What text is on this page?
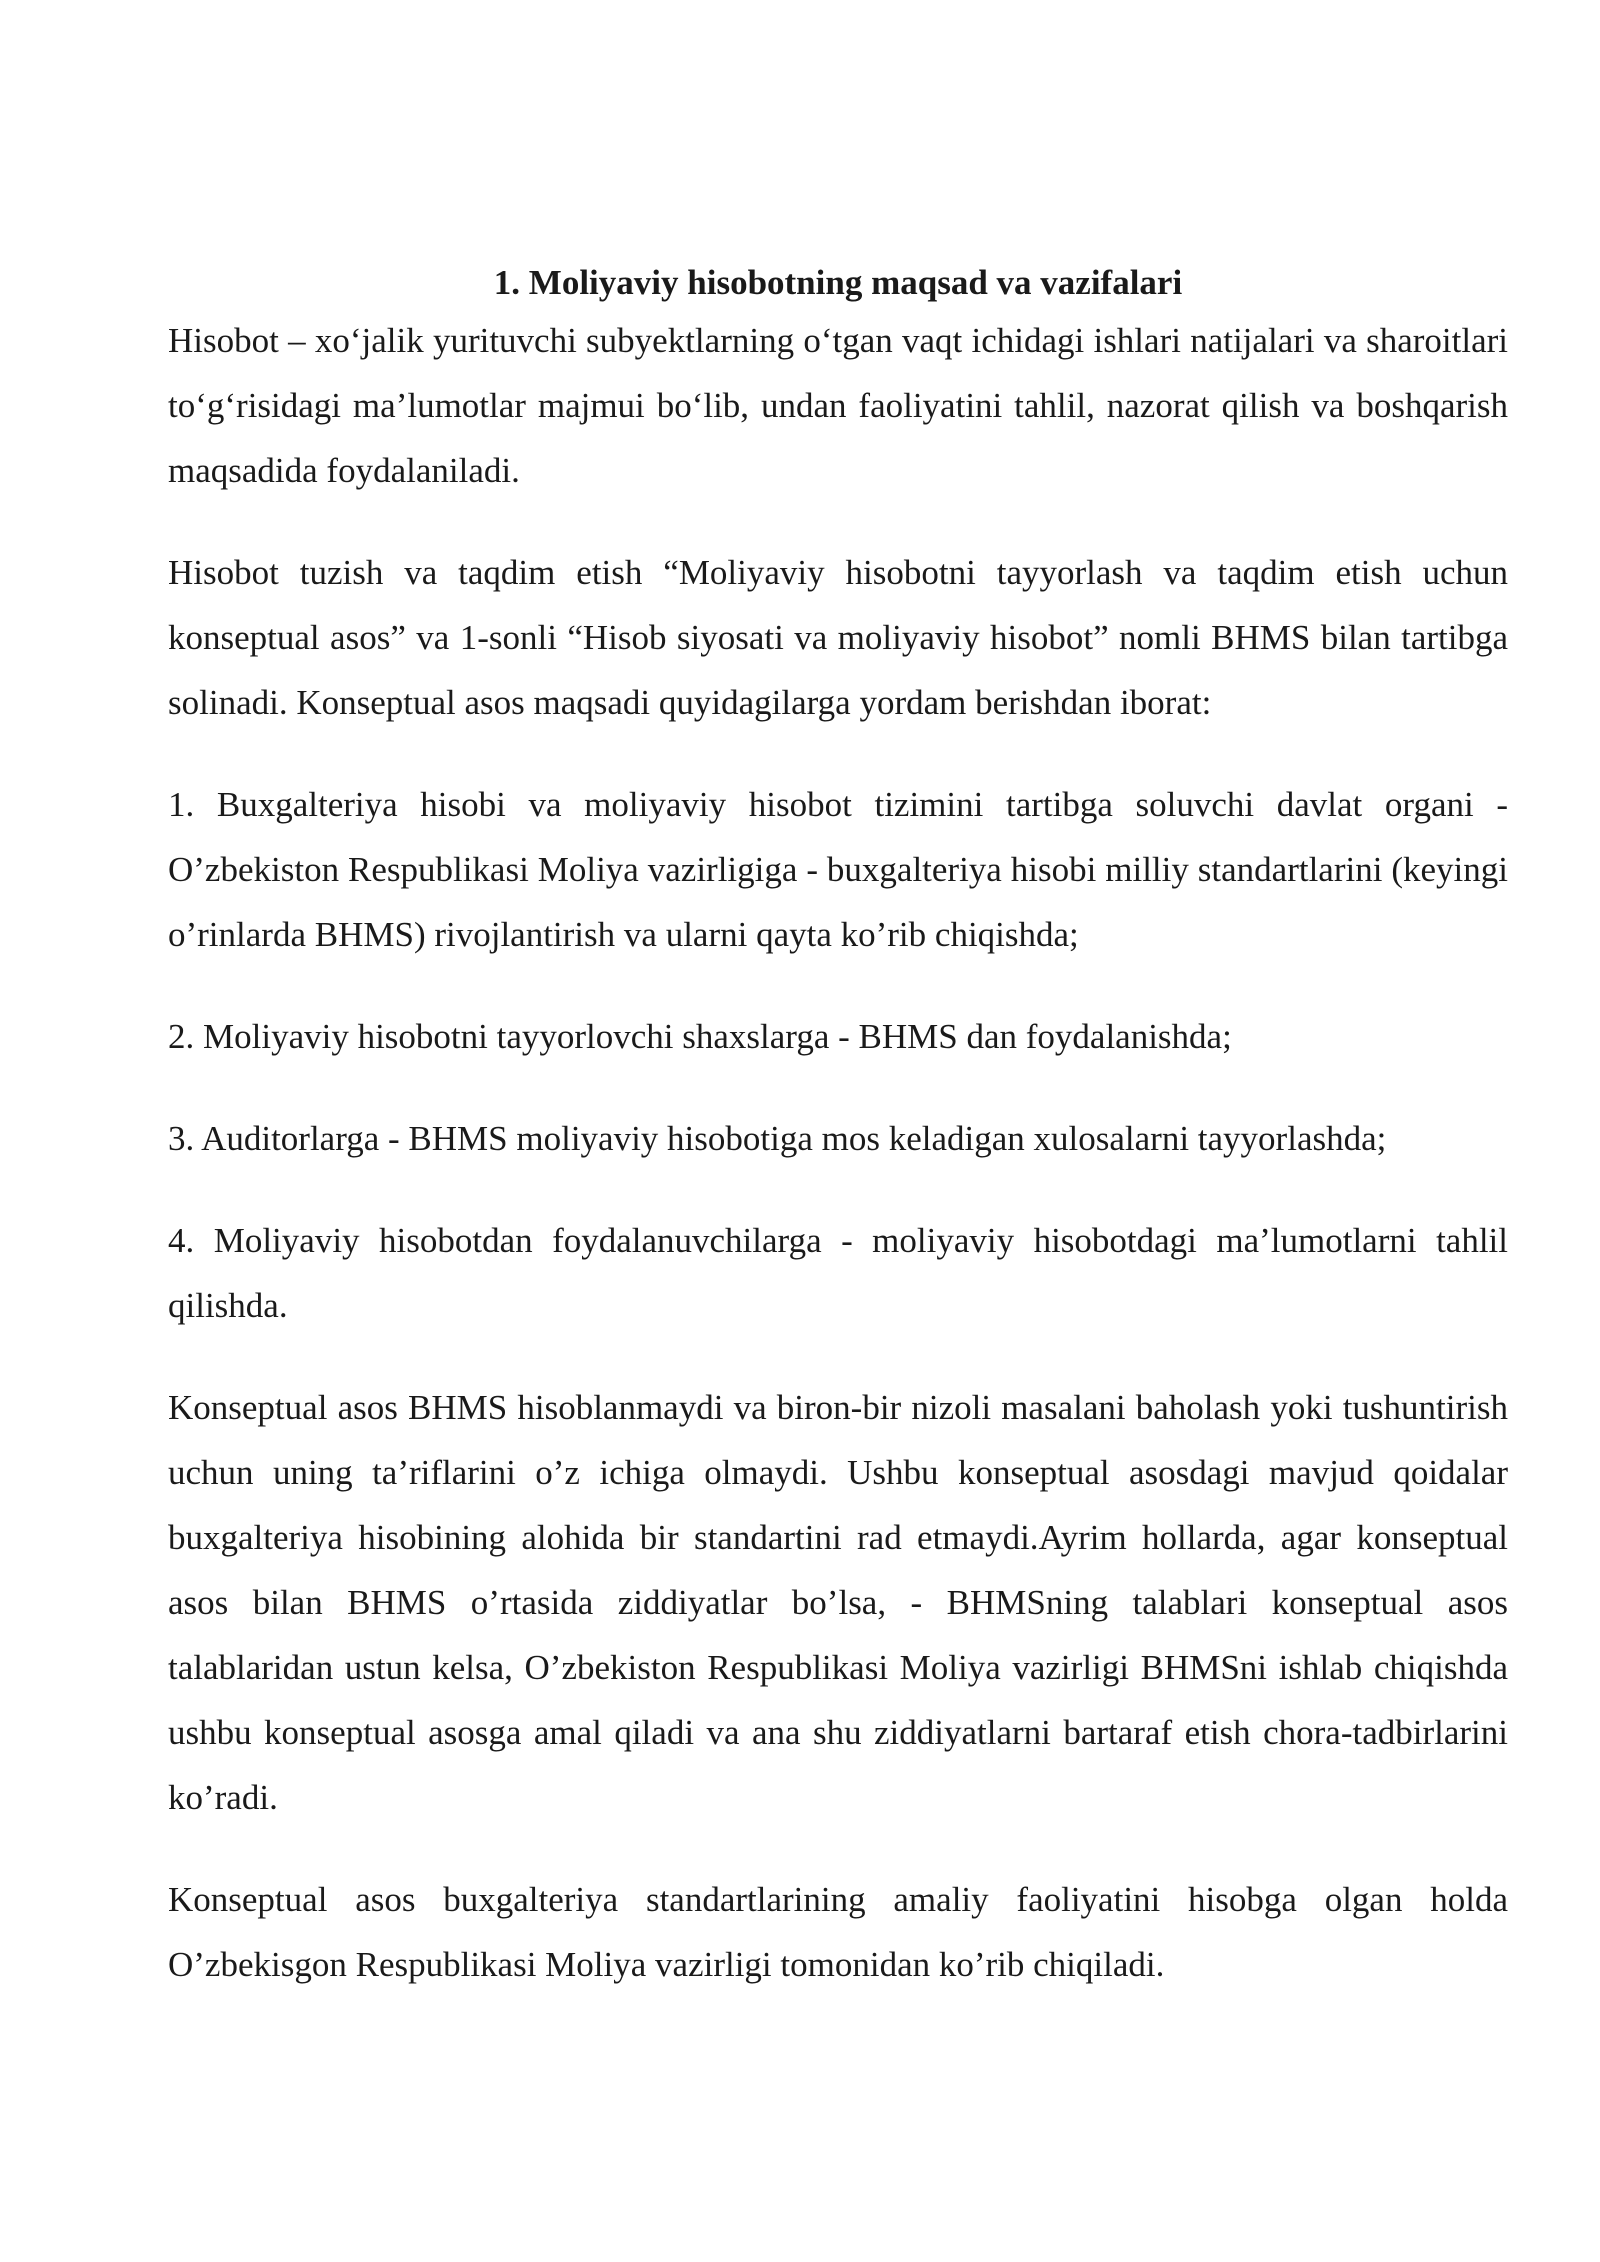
1. Moliyaviy hisobotning maqsad va vazifalari

Hisobot – xo‘jalik yurituvchi subyektlarning o‘tgan vaqt ichidagi ishlari natijalari va sharoitlari to‘g‘risidagi ma’lumotlar majmui bo‘lib, undan faoliyatini tahlil, nazorat qilish va boshqarish maqsadida foydalaniladi.

Hisobot tuzish va taqdim etish “Moliyaviy hisobotni tayyorlash va taqdim etish uchun konseptual asos” va 1-sonli “Hisob siyosati va moliyaviy hisobot” nomli BHMS bilan tartibga solinadi. Konseptual asos maqsadi quyidagilarga yordam berishdan iborat:

1. Buxgalteriya hisobi va moliyaviy hisobot tizimini tartibga soluvchi davlat organi - O’zbekiston Respublikasi Moliya vazirligiga - buxgalteriya hisobi milliy standartlarini (keyingi o’rinlarda BHMS) rivojlantirish va ularni qayta ko’rib chiqishda;

2. Moliyaviy hisobotni tayyorlovchi shaxslarga - BHMS dan foydalanishda;

3. Auditorlarga - BHMS moliyaviy hisobotiga mos keladigan xulosalarni tayyorlashda;

4. Moliyaviy hisobotdan foydalanuvchilarga - moliyaviy hisobotdagi ma’lumotlarni tahlil qilishda.

Konseptual asos BHMS hisoblanmaydi va biron-bir nizoli masalani baholash yoki tushuntirish uchun uning ta’riflarini o’z ichiga olmaydi. Ushbu konseptual asosdagi mavjud qoidalar buxgalteriya hisobining alohida bir standartini rad etmaydi.Ayrim hollarda, agar konseptual asos bilan BHMS o’rtasida ziddiyatlar bo’lsa, - BHMSning talablari konseptual asos talablaridan ustun kelsa, O’zbekiston Respublikasi Moliya vazirligi BHMSni ishlab chiqishda ushbu konseptual asosga amal qiladi va ana shu ziddiyatlarni bartaraf etish chora-tadbirlarini ko’radi.

Konseptual asos buxgalteriya standartlarining amaliy faoliyatini hisobga olgan holda O’zbekisgon Respublikasi Moliya vazirligi tomonidan ko’rib chiqiladi.
